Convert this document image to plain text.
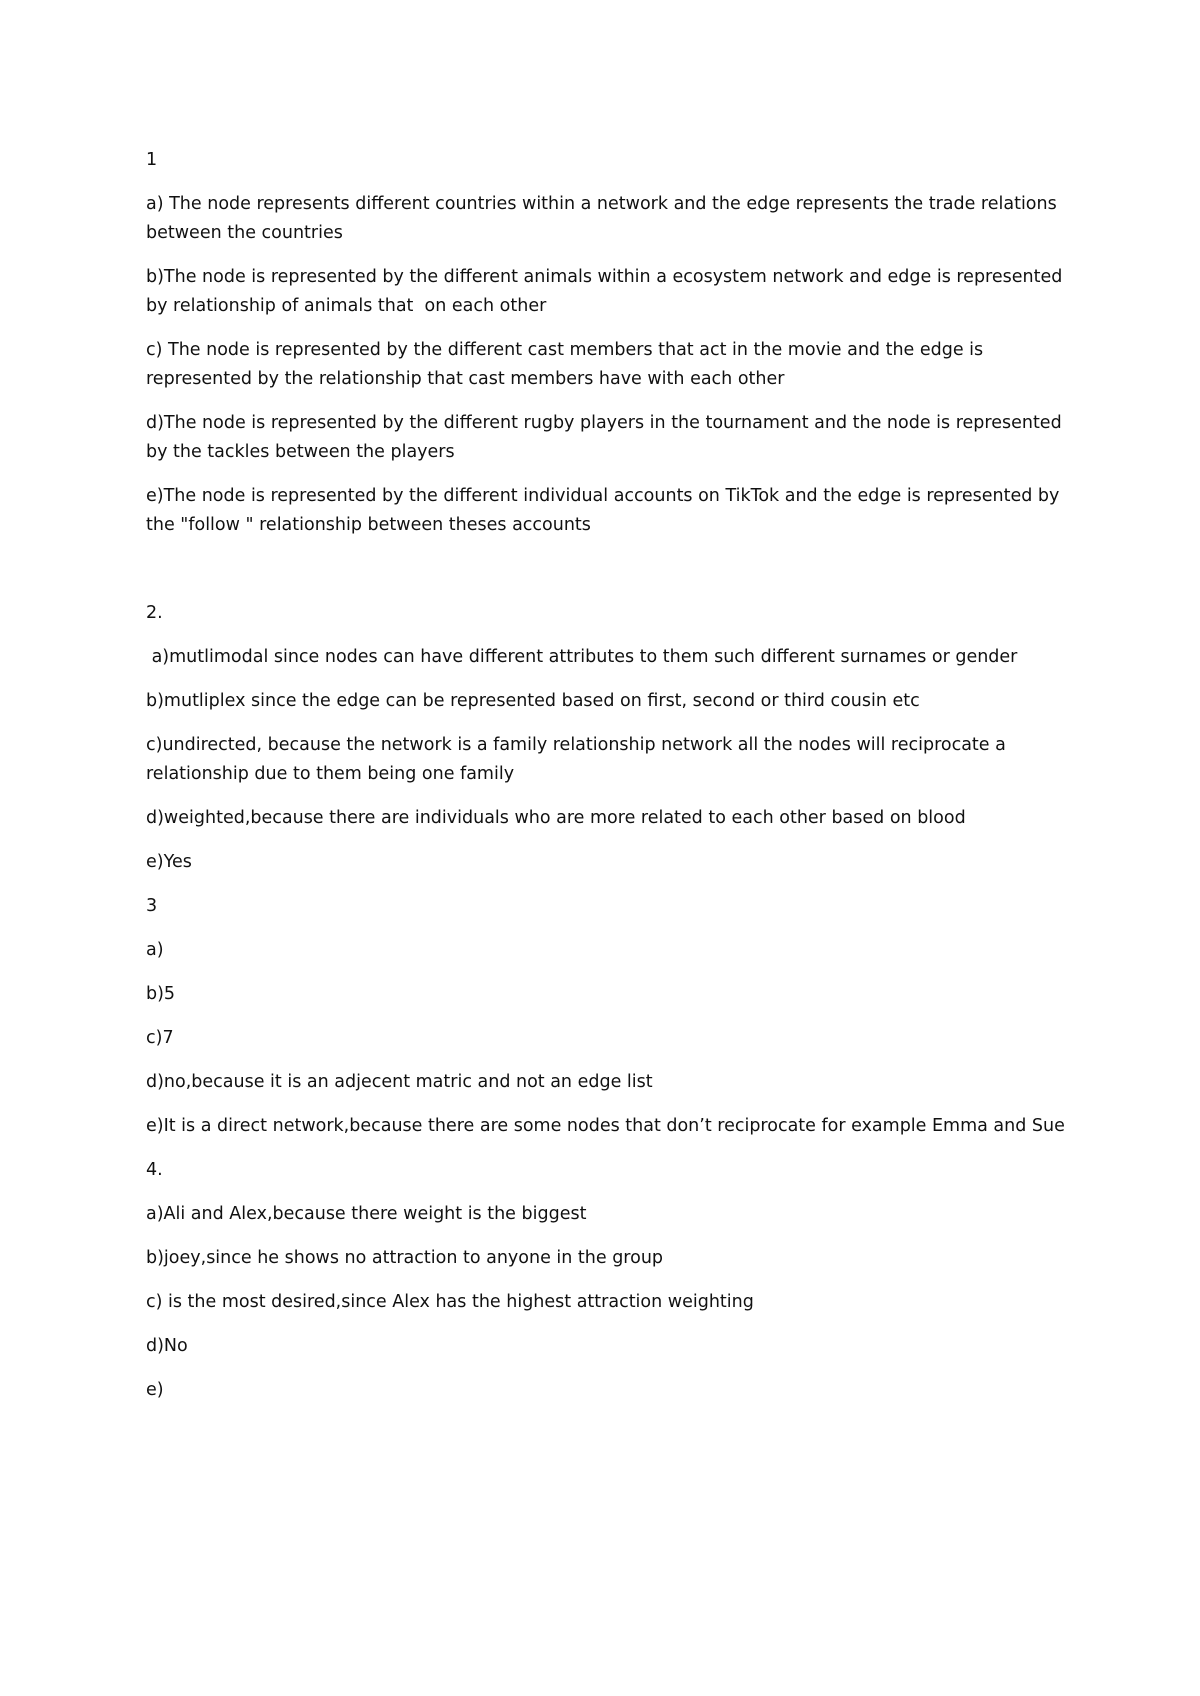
1

a) The node represents different countries within a network and the edge represents the trade relations between the countries

b)The node is represented by the different animals within a ecosystem network and edge is represented by relationship of animals that  on each other

c) The node is represented by the different cast members that act in the movie and the edge is represented by the relationship that cast members have with each other

d)The node is represented by the different rugby players in the tournament and the node is represented by the tackles between the players

e)The node is represented by the different individual accounts on TikTok and the edge is represented by the "follow " relationship between theses accounts

2.

a)mutlimodal since nodes can have different attributes to them such different surnames or gender

b)mutliplex since the edge can be represented based on first, second or third cousin etc

c)undirected, because the network is a family relationship network all the nodes will reciprocate a relationship due to them being one family

d)weighted,because there are individuals who are more related to each other based on blood

e)Yes

3

a)

b)5

c)7

d)no,because it is an adjecent matric and not an edge list

e)It is a direct network,because there are some nodes that don’t reciprocate for example Emma and Sue

4.

a)Ali and Alex,because there weight is the biggest

b)joey,since he shows no attraction to anyone in the group

c) is the most desired,since Alex has the highest attraction weighting

d)No

e)
